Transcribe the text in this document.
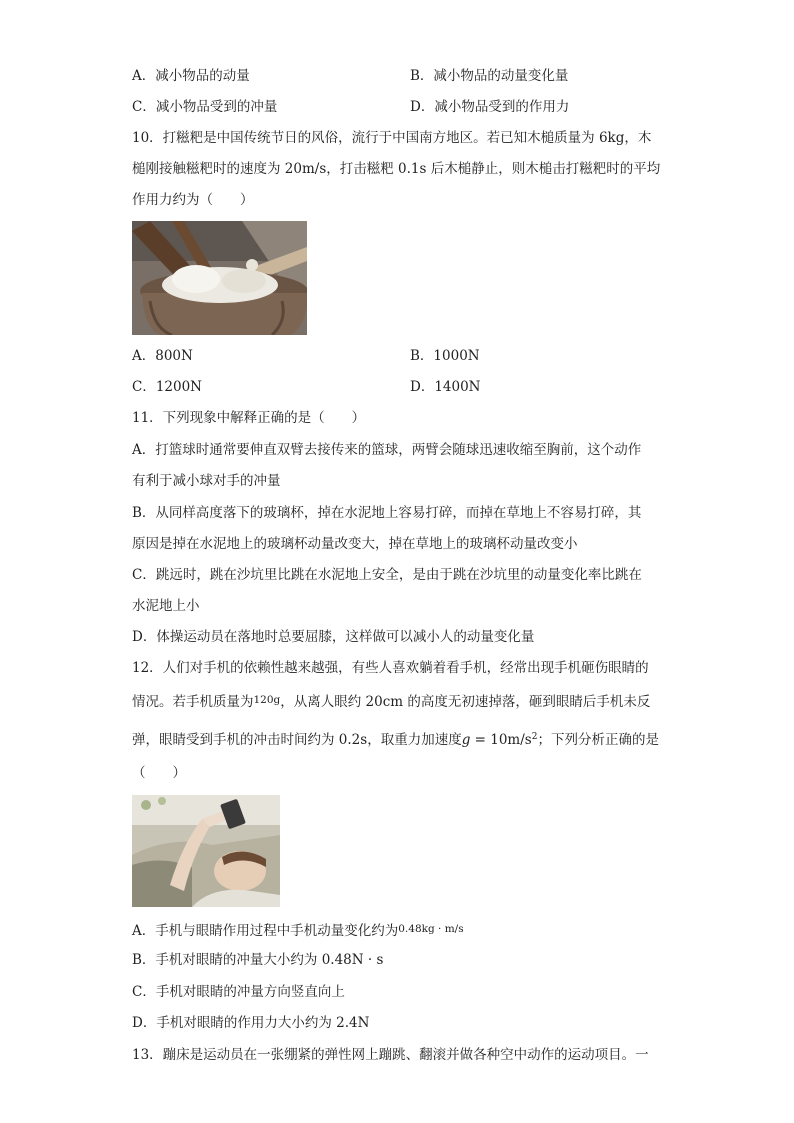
A．减小物品的动量	B．减小物品的动量变化量
C．减小物品受到的冲量	D．减小物品受到的作用力
10．打糍粑是中国传统节日的风俗，流行于中国南方地区。若已知木槌质量为 6kg，木
槌刚接触糍粑时的速度为 20m/s，打击糍粑 0.1s 后木槌静止，则木槌击打糍粑时的平均
作用力约为（　　）
A．800N	B．1000N
C．1200N	D．1400N
11．下列现象中解释正确的是（　　）
A．打篮球时通常要伸直双臂去接传来的篮球，两臂会随球迅速收缩至胸前，这个动作
有利于减小球对手的冲量
B．从同样高度落下的玻璃杯，掉在水泥地上容易打碎，而掉在草地上不容易打碎，其
原因是掉在水泥地上的玻璃杯动量改变大，掉在草地上的玻璃杯动量改变小
C．跳远时，跳在沙坑里比跳在水泥地上安全，是由于跳在沙坑里的动量变化率比跳在
水泥地上小
D．体操运动员在落地时总要屈膝，这样做可以减小人的动量变化量
12．人们对手机的依赖性越来越强，有些人喜欢躺着看手机，经常出现手机砸伤眼睛的
情况。若手机质量为$^{120g}$，从离人眼约 20cm 的高度无初速掉落，砸到眼睛后手机未反
弹，眼睛受到手机的冲击时间约为 0.2s，取重力加速度$g = 10m/s^2$；下列分析正确的是
（　　）
A．手机与眼睛作用过程中手机动量变化约为$^{0.48kg \cdot m/s}$
B．手机对眼睛的冲量大小约为 0.48N · s
C．手机对眼睛的冲量方向竖直向上
D．手机对眼睛的作用力大小约为 2.4N
13．蹦床是运动员在一张绷紧的弹性网上蹦跳、翻滚并做各种空中动作的运动项目。一
